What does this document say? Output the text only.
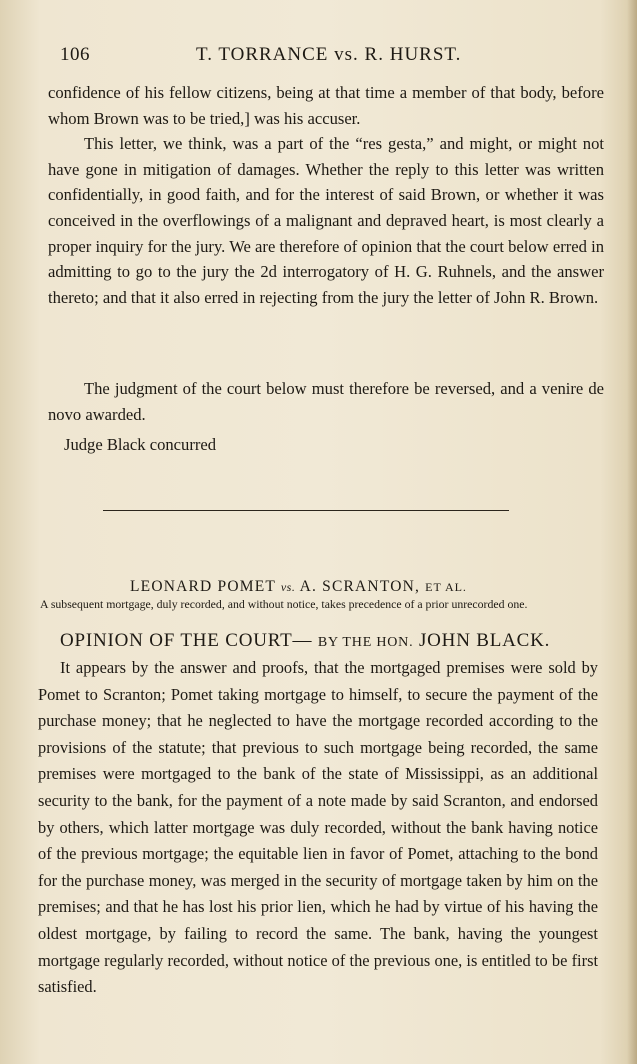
106	T. TORRANCE vs. R. HURST.

confidence of his fellow citizens, being at that time a member of that body, before whom Brown was to be tried,] was his accuser.

This letter, we think, was a part of the “res gesta,” and might, or might not have gone in mitigation of damages. Whether the reply to this letter was written confidentially, in good faith, and for the interest of said Brown, or whether it was conceived in the overflowings of a malignant and depraved heart, is most clearly a proper inquiry for the jury. We are therefore of opinion that the court below erred in admitting to go to the jury the 2d interrogatory of H. G. Ruhnels, and the answer thereto; and that it also erred in rejecting from the jury the letter of John R. Brown.

The judgment of the court below must therefore be reversed, and a venire de novo awarded.

Judge Black concurred
LEONARD POMET vs. A. SCRANTON, ET AL.
A subsequent mortgage, duly recorded, and without notice, takes precedence of a prior unrecorded one.
OPINION OF THE COURT— BY THE HON. JOHN BLACK.

It appears by the answer and proofs, that the mortgaged premises were sold by Pomet to Scranton; Pomet taking mortgage to himself, to secure the payment of the purchase money; that he neglected to have the mortgage recorded according to the provisions of the statute; that previous to such mortgage being recorded, the same premises were mortgaged to the bank of the state of Mississippi, as an additional security to the bank, for the payment of a note made by said Scranton, and endorsed by others, which latter mortgage was duly recorded, without the bank having notice of the previous mortgage; the equitable lien in favor of Pomet, attaching to the bond for the purchase money, was merged in the security of mortgage taken by him on the premises; and that he has lost his prior lien, which he had by virtue of his having the oldest mortgage, by failing to record the same. The bank, having the youngest mortgage regularly recorded, without notice of the previous one, is entitled to be first satisfied.
